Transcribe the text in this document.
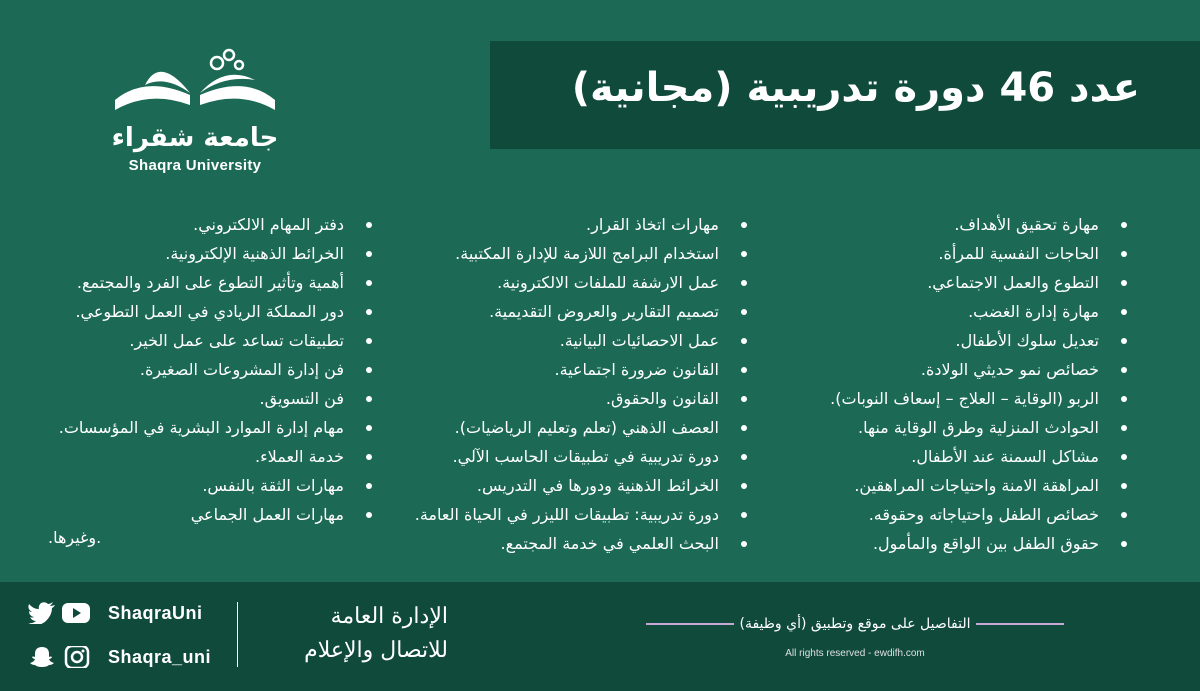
جامعة شقراء
Shaqra University
عدد 46 دورة تدريبية (مجانية)
مهارة تحقيق الأهداف.
الحاجات النفسية للمرأة.
التطوع والعمل الاجتماعي.
مهارة إدارة الغضب.
تعديل سلوك الأطفال.
خصائص نمو حديثي الولادة.
الربو (الوقاية – العلاج – إسعاف النوبات).
الحوادث المنزلية وطرق الوقاية منها.
مشاكل السمنة عند الأطفال.
المراهقة الامنة واحتياجات المراهقين.
خصائص الطفل واحتياجاته وحقوقه.
حقوق الطفل بين الواقع والمأمول.
مهارات اتخاذ القرار.
استخدام البرامج اللازمة للإدارة المكتبية.
عمل الارشفة للملفات الالكترونية.
تصميم التقارير والعروض التقديمية.
عمل الاحصائيات البيانية.
القانون ضرورة اجتماعية.
القانون والحقوق.
العصف الذهني (تعلم وتعليم الرياضيات).
دورة تدريبية في تطبيقات الحاسب الآلي.
الخرائط الذهنية ودورها في التدريس.
دورة تدريبية: تطبيقات الليزر في الحياة العامة.
البحث العلمي في خدمة المجتمع.
دفتر المهام الالكتروني.
الخرائط الذهنية الإلكترونية.
أهمية وتأثير التطوع على الفرد والمجتمع.
دور المملكة الريادي في العمل التطوعي.
تطبيقات تساعد على عمل الخير.
فن إدارة المشروعات الصغيرة.
فن التسويق.
مهام إدارة الموارد البشرية في المؤسسات.
خدمة العملاء.
مهارات الثقة بالنفس.
مهارات العمل الجماعي
.وغيرها.
ShaqraUni
Shaqra_uni
الإدارة العامة
للاتصال والإعلام
التفاصيل على موقع وتطبيق (أي وظيفة)
All rights reserved - ewdifh.com
